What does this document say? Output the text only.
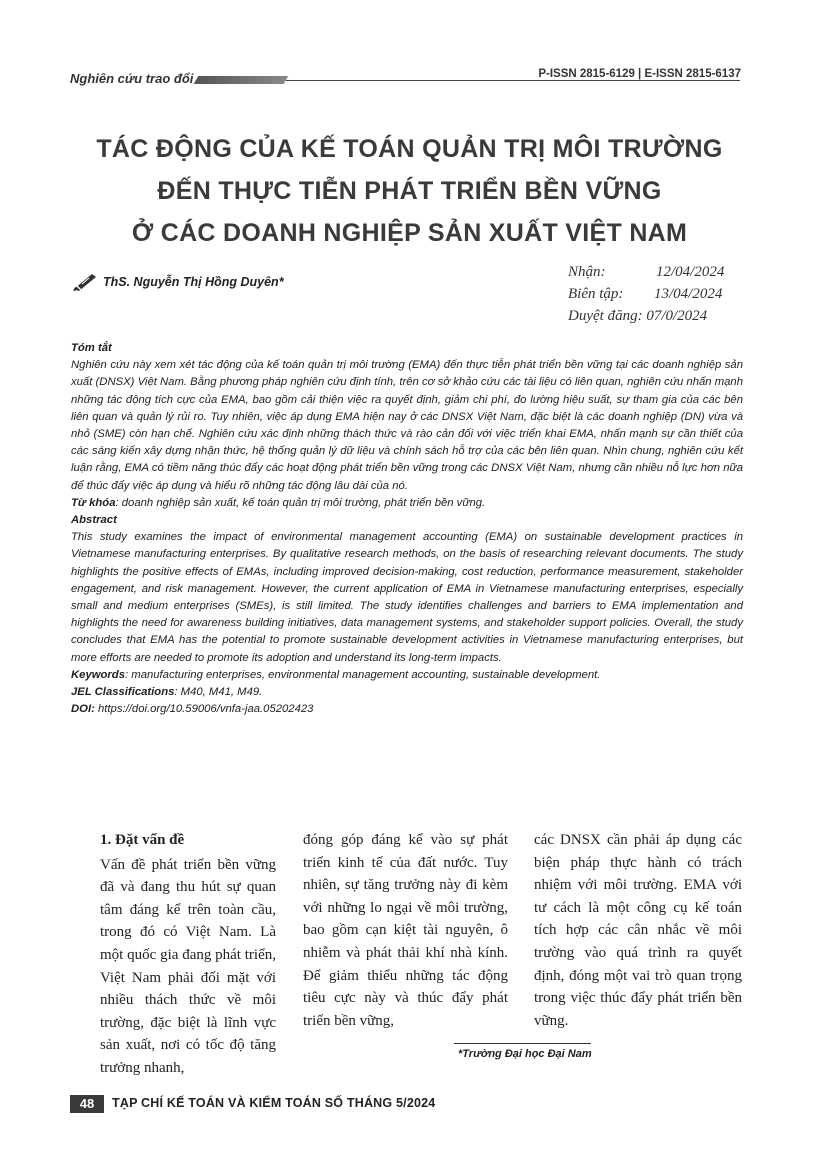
Nghiên cứu trao đổi	P-ISSN 2815-6129 | E-ISSN 2815-6137
TÁC ĐỘNG CỦA KẾ TOÁN QUẢN TRỊ MÔI TRƯỜNG
ĐẾN THỰC TIỄN PHÁT TRIỂN BỀN VỮNG
Ở CÁC DOANH NGHIỆP SẢN XUẤT VIỆT NAM
ThS. Nguyễn Thị Hồng Duyên*
Nhận:	12/04/2024
Biên tập: 13/04/2024
Duyệt đăng: 07/0/2024
Tóm tắt
Nghiên cứu này xem xét tác động của kế toán quản trị môi trường (EMA) đến thực tiễn phát triển bền vững tại các doanh nghiệp sản xuất (DNSX) Việt Nam. Bằng phương pháp nghiên cứu định tính, trên cơ sở khảo cứu các tài liệu có liên quan, nghiên cứu nhấn mạnh những tác động tích cực của EMA, bao gồm cải thiện việc ra quyết định, giảm chi phí, đo lường hiệu suất, sự tham gia của các bên liên quan và quản lý rủi ro. Tuy nhiên, việc áp dụng EMA hiện nay ở các DNSX Việt Nam, đặc biệt là các doanh nghiệp (DN) vừa và nhỏ (SME) còn hạn chế. Nghiên cứu xác định những thách thức và rào cản đối với việc triển khai EMA, nhấn mạnh sự cần thiết của các sáng kiến xây dựng nhận thức, hệ thống quản lý dữ liệu và chính sách hỗ trợ của các bên liên quan. Nhìn chung, nghiên cứu kết luận rằng, EMA có tiềm năng thúc đẩy các hoạt động phát triển bền vững trong các DNSX Việt Nam, nhưng cần nhiều nỗ lực hơn nữa để thúc đẩy việc áp dụng và hiểu rõ những tác động lâu dài của nó.
Từ khóa: doanh nghiệp sản xuất, kế toán quản trị môi trường, phát triển bền vững.
Abstract
This study examines the impact of environmental management accounting (EMA) on sustainable development practices in Vietnamese manufacturing enterprises. By qualitative research methods, on the basis of researching relevant documents. The study highlights the positive effects of EMAs, including improved decision-making, cost reduction, performance measurement, stakeholder engagement, and risk management. However, the current application of EMA in Vietnamese manufacturing enterprises, especially small and medium enterprises (SMEs), is still limited. The study identifies challenges and barriers to EMA implementation and highlights the need for awareness building initiatives, data management systems, and stakeholder support policies. Overall, the study concludes that EMA has the potential to promote sustainable development activities in Vietnamese manufacturing enterprises, but more efforts are needed to promote its adoption and understand its long-term impacts.
Keywords: manufacturing enterprises, environmental management accounting, sustainable development.
JEL Classifications: M40, M41, M49.
DOI: https://doi.org/10.59006/vnfa-jaa.05202423
1. Đặt vấn đề

Vấn đề phát triển bền vững đã và đang thu hút sự quan tâm đáng kể trên toàn cầu, trong đó có Việt Nam. Là một quốc gia đang phát triển, Việt Nam phải đối mặt với nhiều thách thức về môi trường, đặc biệt là lĩnh vực sản xuất, nơi có tốc độ tăng trưởng nhanh,

đóng góp đáng kể vào sự phát triển kinh tế của đất nước. Tuy nhiên, sự tăng trưởng này đi kèm với những lo ngại về môi trường, bao gồm cạn kiệt tài nguyên, ô nhiễm và phát thải khí nhà kính. Để giảm thiểu những tác động tiêu cực này và thúc đẩy phát triển bền vững,

các DNSX cần phải áp dụng các biện pháp thực hành có trách nhiệm với môi trường. EMA với tư cách là một công cụ kế toán tích hợp các cân nhắc về môi trường vào quá trình ra quyết định, đóng một vai trò quan trọng trong việc thúc đẩy phát triển bền vững.

*Trường Đại học Đại Nam
48	TẠP CHÍ KẾ TOÁN VÀ KIỂM TOÁN SỐ THÁNG 5/2024
